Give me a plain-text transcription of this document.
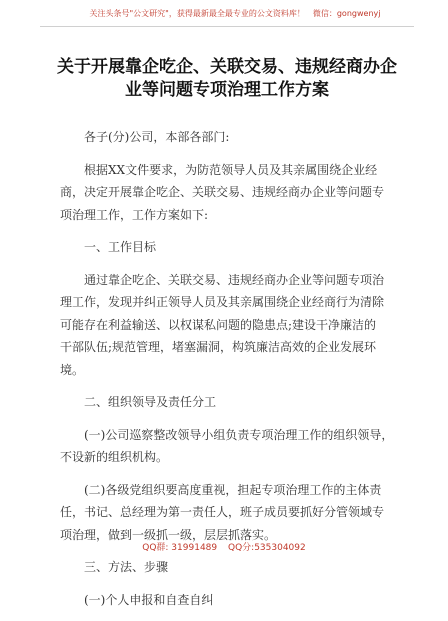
关注头条号"公文研究"，获得最新最全最专业的公文资料库！　微信：gongwenyj
关于开展靠企吃企、关联交易、违规经商办企
业等问题专项治理工作方案

各子(分)公司，本部各部门:

根据XX文件要求，为防范领导人员及其亲属围绕企业经
商，决定开展靠企吃企、关联交易、违规经商办企业等问题专
项治理工作，工作方案如下:

一、工作目标

通过靠企吃企、关联交易、违规经商办企业等问题专项治
理工作，发现并纠正领导人员及其亲属围绕企业经商行为清除
可能存在利益输送、以权谋私问题的隐患点;建设干净廉洁的
干部队伍;规范管理，堵塞漏洞，构筑廉洁高效的企业发展环
境。

二、组织领导及责任分工

(一)公司巡察整改领导小组负责专项治理工作的组织领导，
不设新的组织机构。

(二)各级党组织要高度重视，担起专项治理工作的主体责
任，书记、总经理为第一责任人，班子成员要抓好分管领域专
项治理，做到一级抓一级，层层抓落实。

三、方法、步骤

(一)个人申报和自查自纠

QQ群: 31991489 QQ分:535304092
